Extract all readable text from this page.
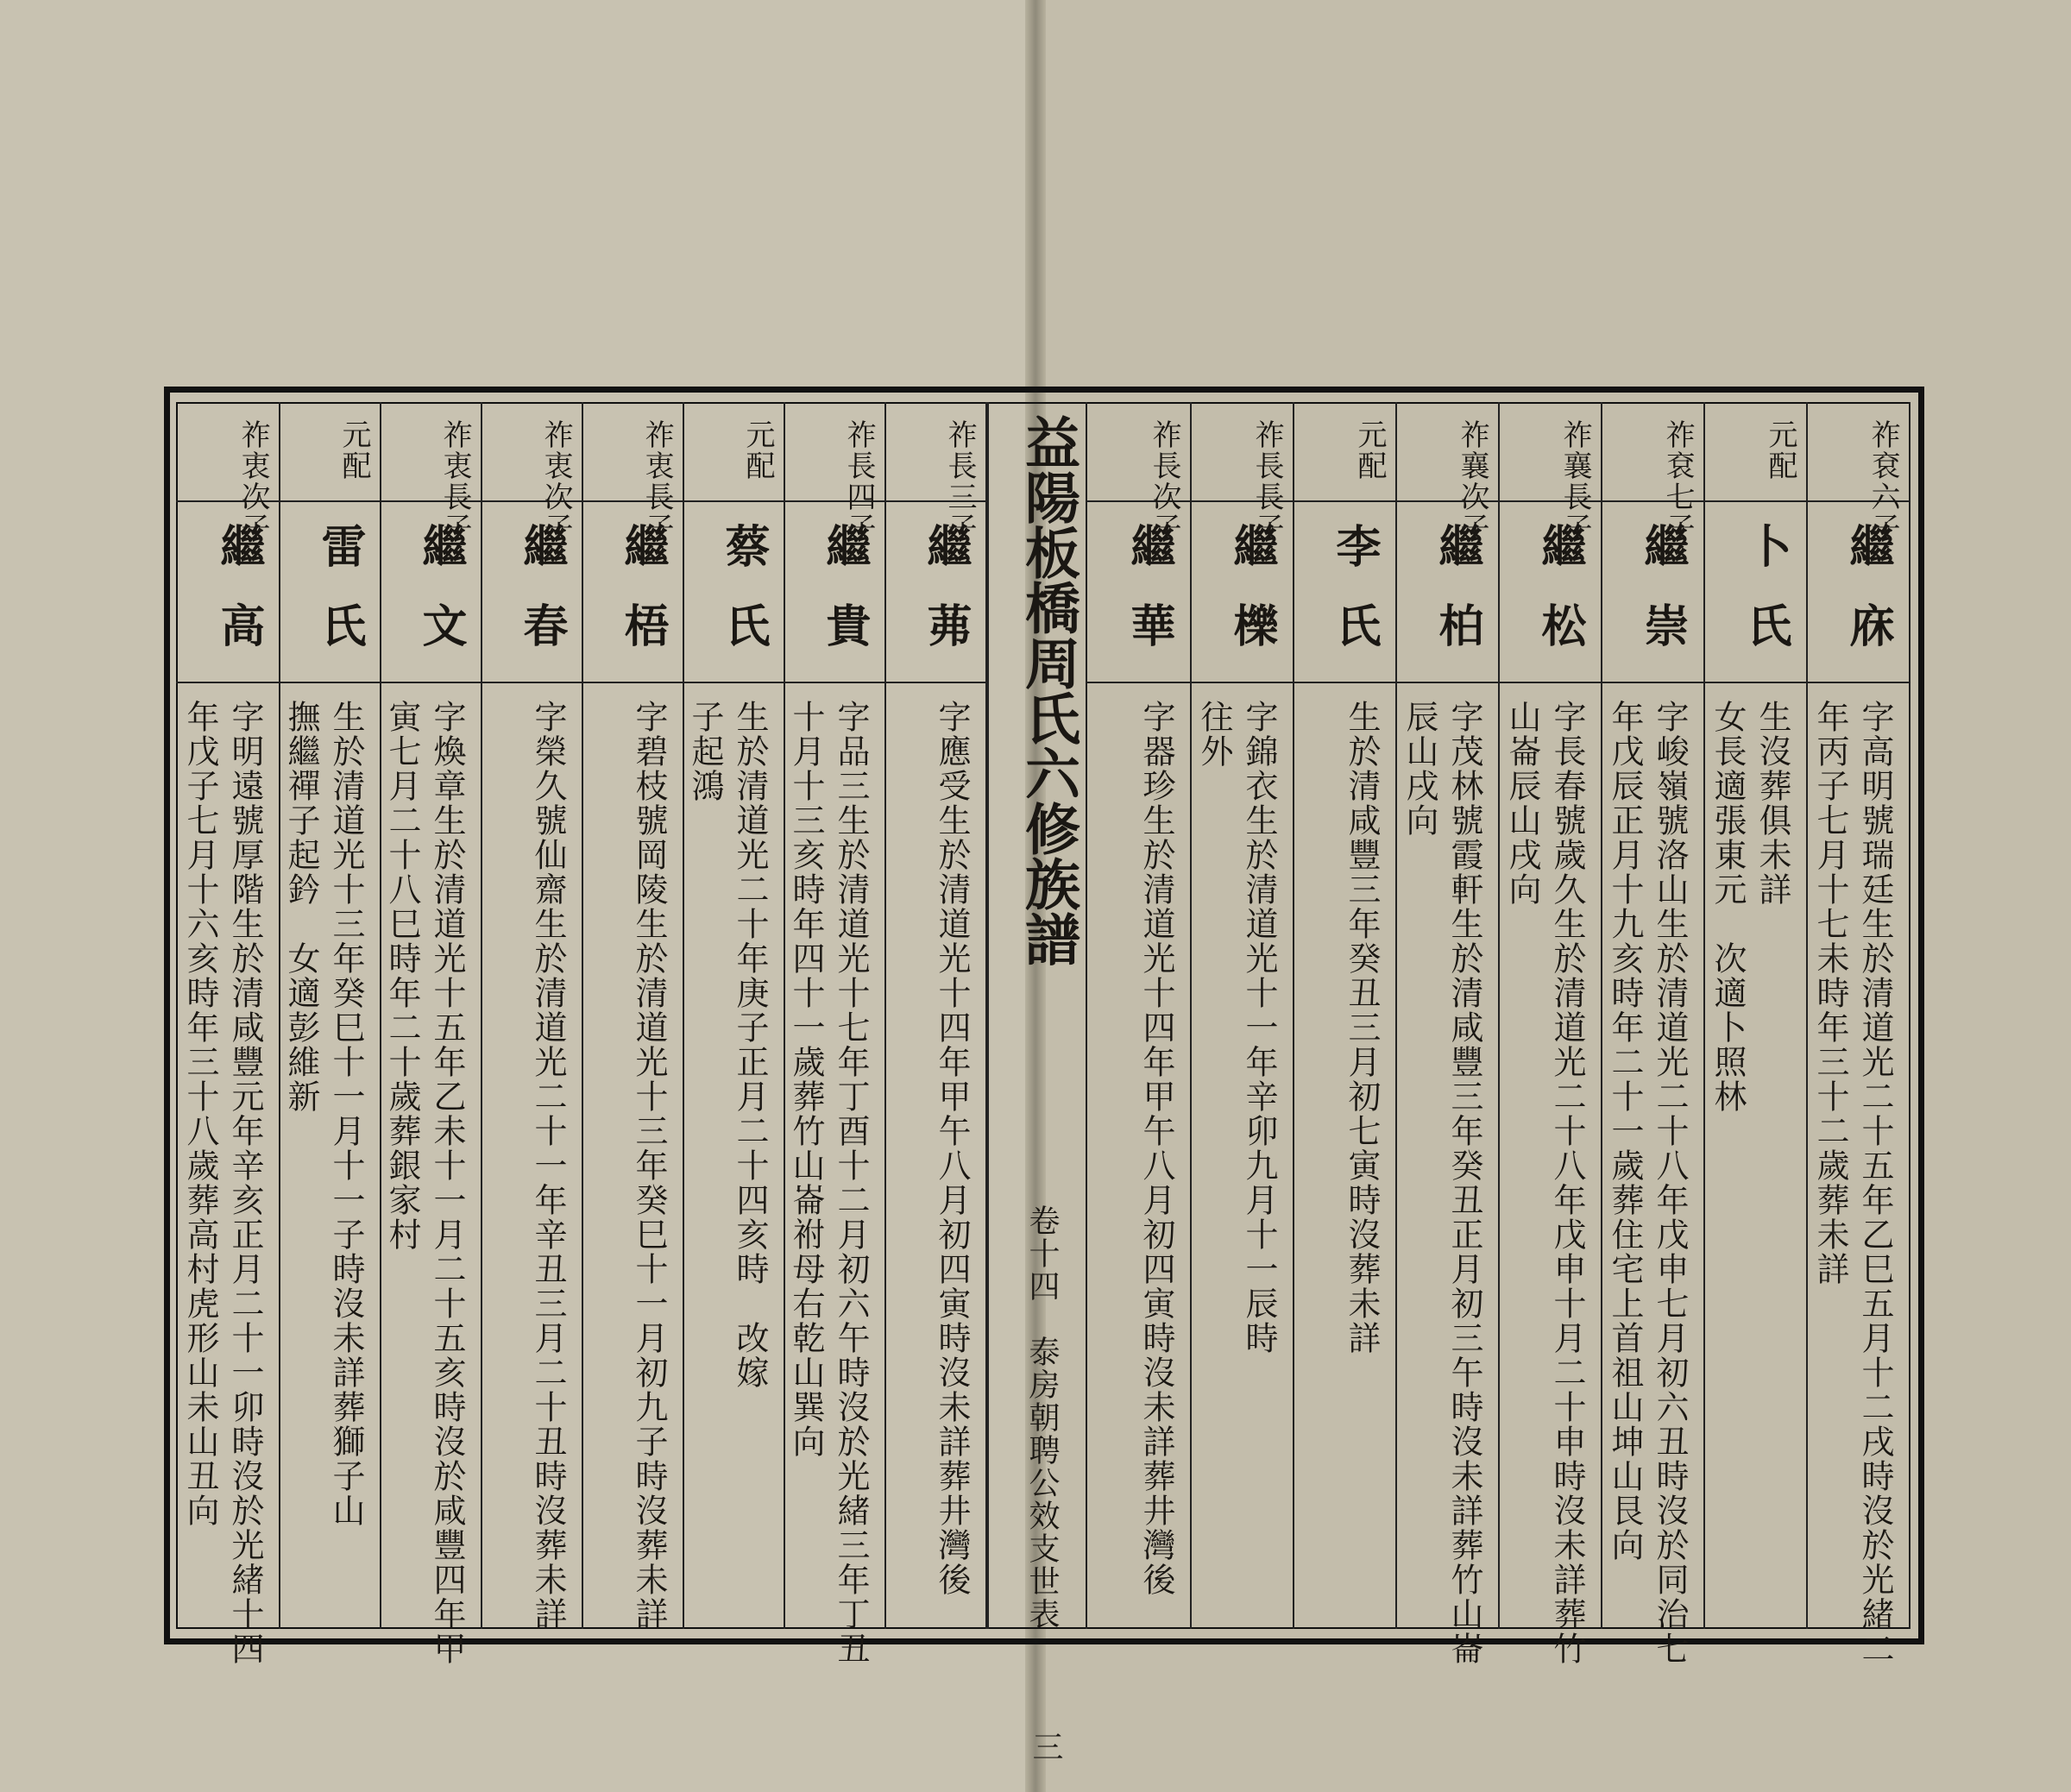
益陽板橋周氏六修族譜
卷十四　泰房朝聘公效支世表
三
祚袞六子
繼庥
字高明號瑞廷生於清道光二十五年乙巳五月十二戌時沒於光緒二
年丙子七月十七未時年三十二歲葬未詳
元配
卜氏
生沒葬俱未詳
女長適張東元　次適卜照林
祚袞七子
繼崇
字峻嶺號洛山生於清道光二十八年戊申七月初六丑時沒於同治七
年戊辰正月十九亥時年二十一歲葬住宅上首祖山坤山艮向
祚襄長子
繼松
字長春號歲久生於清道光二十八年戊申十月二十申時沒未詳葬竹
山崙辰山戌向
祚襄次子
繼柏
字茂林號霞軒生於清咸豐三年癸丑正月初三午時沒未詳葬竹山崙
辰山戌向
元配
李氏
生於清咸豐三年癸丑三月初七寅時沒葬未詳
祚長長子
繼櫟
字錦衣生於清道光十一年辛卯九月十一辰時
往外
祚長次子
繼華
字器珍生於清道光十四年甲午八月初四寅時沒未詳葬井灣後
祚長三子
繼茀
字應受生於清道光十四年甲午八月初四寅時沒未詳葬井灣後
祚長四子
繼貴
字品三生於清道光十七年丁酉十二月初六午時沒於光緒三年丁丑
十月十三亥時年四十一歲葬竹山崙祔母右乾山巽向
元配
蔡氏
生於清道光二十年庚子正月二十四亥時　改嫁
子起鴻
祚衷長子
繼梧
字碧枝號岡陵生於清道光十三年癸巳十一月初九子時沒葬未詳
祚衷次子
繼春
字榮久號仙齋生於清道光二十一年辛丑三月二十丑時沒葬未詳
祚衷長子
繼文
字煥章生於清道光十五年乙未十一月二十五亥時沒於咸豐四年甲
寅七月二十八巳時年二十歲葬銀家村
元配
雷氏
生於清道光十三年癸巳十一月十一子時沒未詳葬獅子山
撫繼禪子起鈐　女適彭維新
祚衷次子
繼高
字明遠號厚階生於清咸豐元年辛亥正月二十一卯時沒於光緒十四
年戊子七月十六亥時年三十八歲葬高村虎形山未山丑向
